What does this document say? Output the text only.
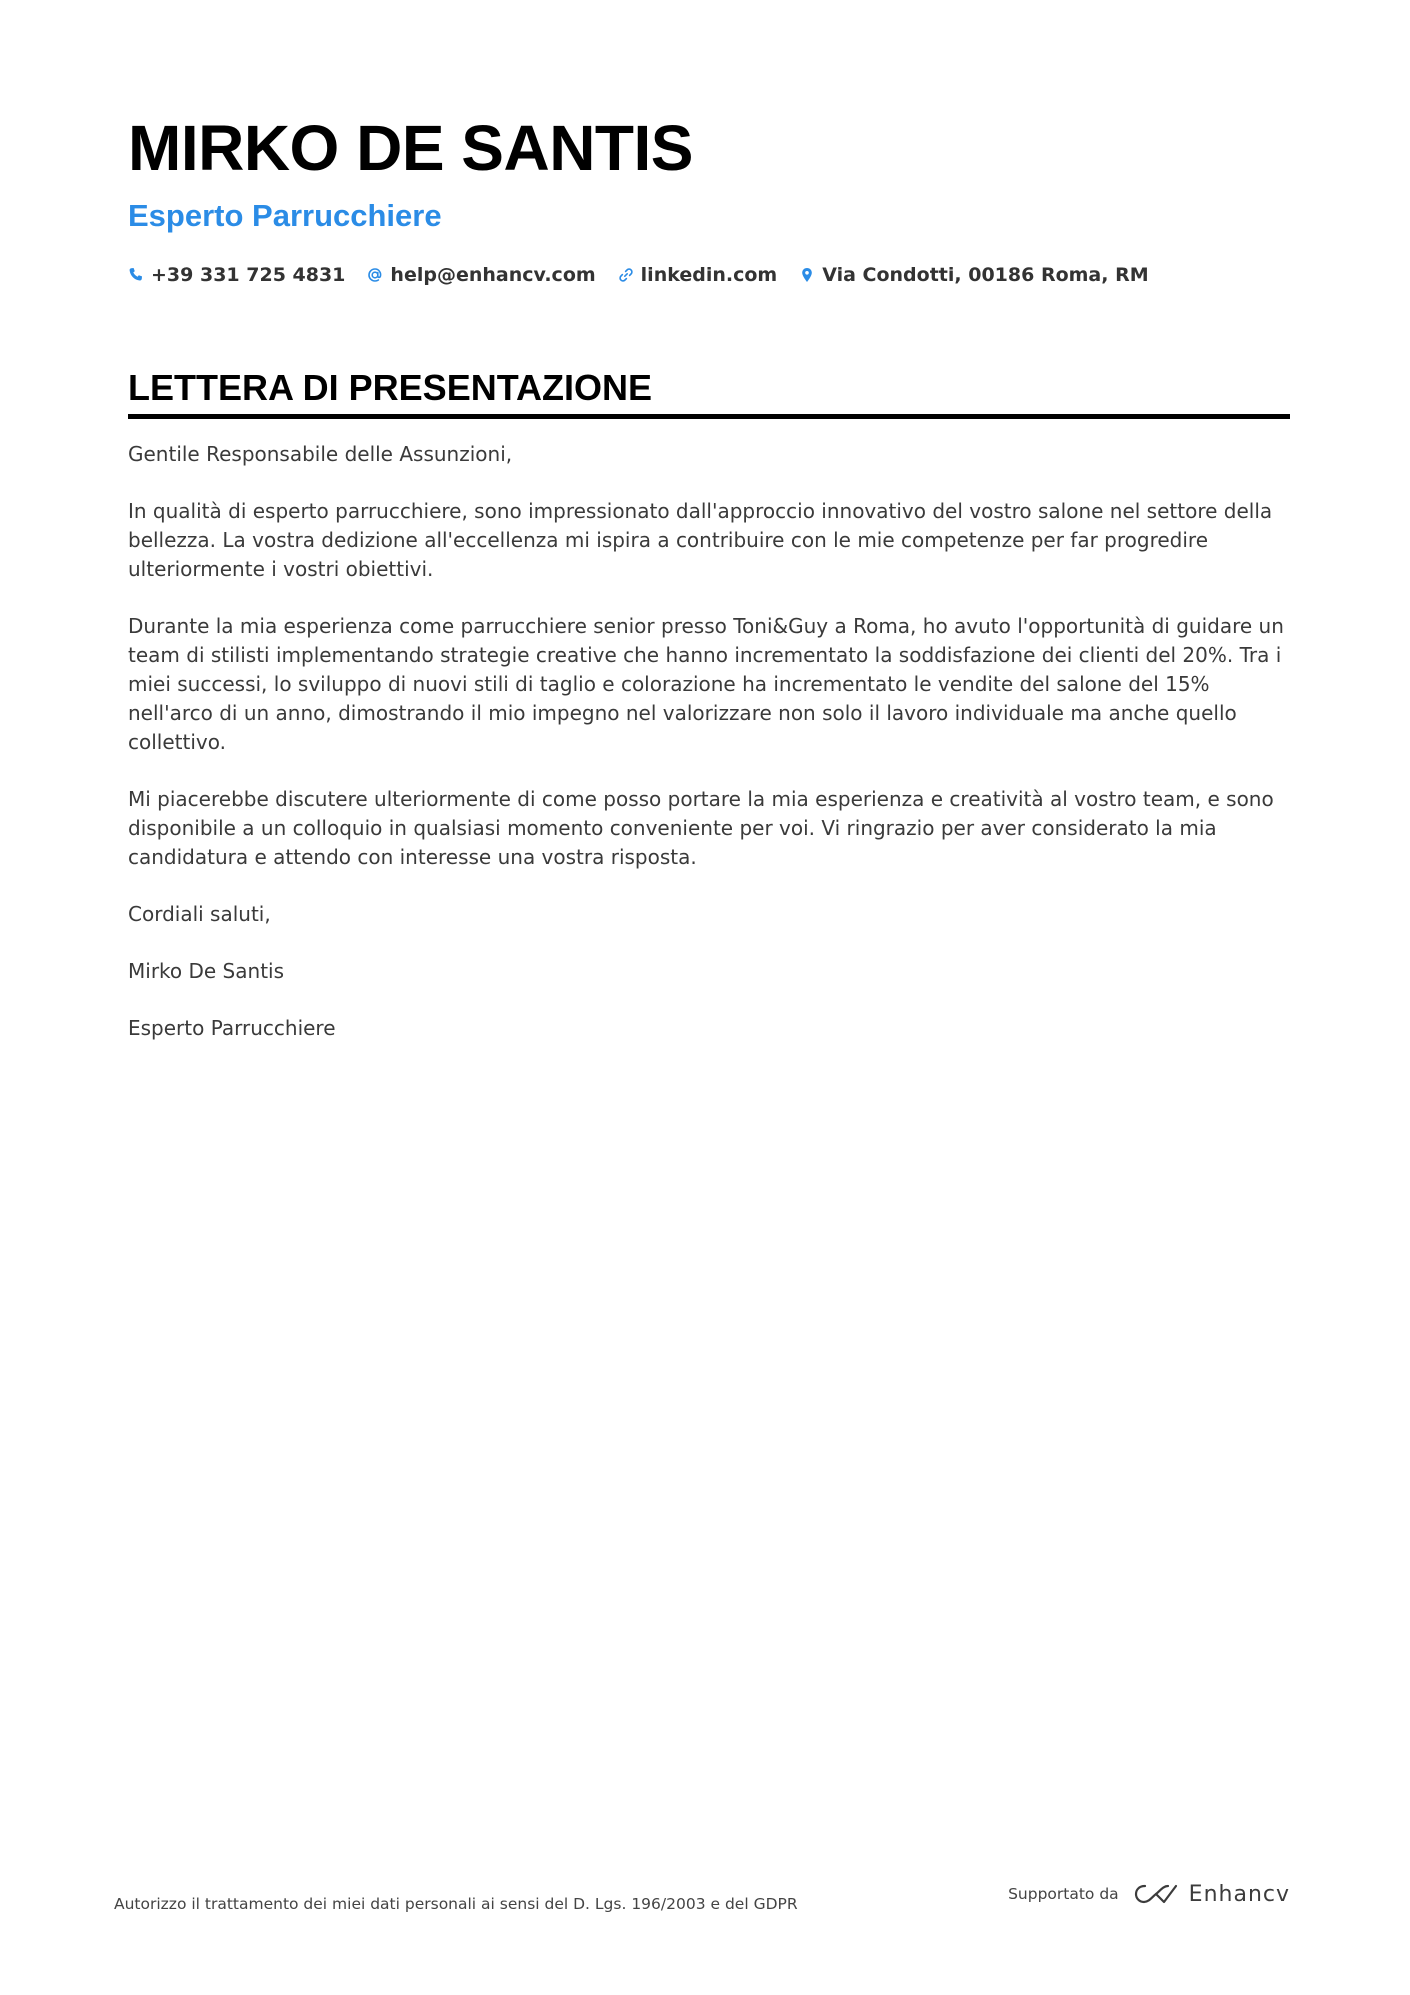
MIRKO DE SANTIS
Esperto Parrucchiere
+39 331 725 4831 help@enhancv.com linkedin.com Via Condotti, 00186 Roma, RM
LETTERA DI PRESENTAZIONE

Gentile Responsabile delle Assunzioni,

In qualità di esperto parrucchiere, sono impressionato dall'approccio innovativo del vostro salone nel settore della bellezza. La vostra dedizione all'eccellenza mi ispira a contribuire con le mie competenze per far progredire ulteriormente i vostri obiettivi.

Durante la mia esperienza come parrucchiere senior presso Toni&Guy a Roma, ho avuto l'opportunità di guidare un team di stilisti implementando strategie creative che hanno incrementato la soddisfazione dei clienti del 20%. Tra i miei successi, lo sviluppo di nuovi stili di taglio e colorazione ha incrementato le vendite del salone del 15% nell'arco di un anno, dimostrando il mio impegno nel valorizzare non solo il lavoro individuale ma anche quello collettivo.

Mi piacerebbe discutere ulteriormente di come posso portare la mia esperienza e creatività al vostro team, e sono disponibile a un colloquio in qualsiasi momento conveniente per voi. Vi ringrazio per aver considerato la mia candidatura e attendo con interesse una vostra risposta.

Cordiali saluti,

Mirko De Santis

Esperto Parrucchiere

Autorizzo il trattamento dei miei dati personali ai sensi del D. Lgs. 196/2003 e del GDPR
Supportato da	Enhancv
